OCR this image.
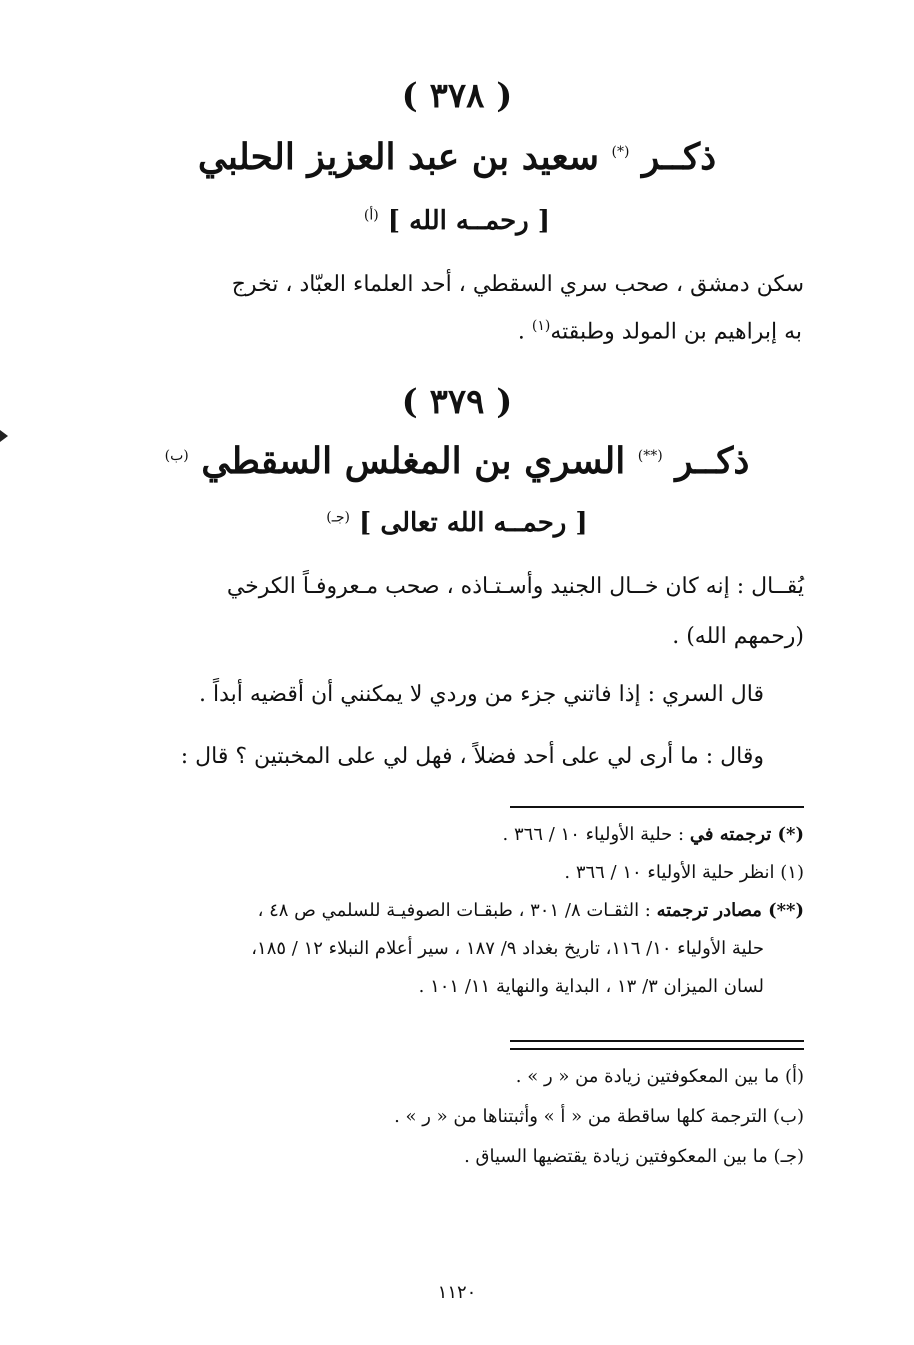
( ٣٧٨ )
ذكــر (*) سعيد بن عبد العزيز الحلبي
[ رحمــه الله ] $^{(أ)}$
سكن دمشق ، صحب سري السقطي ، أحد العلماء العبّاد ، تخرج
به إبراهيم بن المولد وطبقته$^{(١)}$ .
( ٣٧٩ )
ذكــر (**) السري بن المغلس السقطي $^{(ب)}$
[ رحمــه الله تعالى ] $^{(جـ)}$
يُقــال : إنه كان خــال الجنيد وأسـتـاذه ، صحب مـعروفـاً الكرخي
(رحمهم الله) .
قال السري : إذا فاتني جزء من وردي لا يمكنني أن أقضيه أبداً .
وقال : ما أرى لي على أحد فضلاً ، فهل لي على المخبتين ؟ قال :
(*) ترجمته في : حلية الأولياء ١٠ / ٣٦٦ .
(١) انظر حلية الأولياء ١٠ / ٣٦٦ .
(**) مصادر ترجمته : الثقـات ٨/ ٣٠١ ، طبقـات الصوفيـة للسلمي ص ٤٨ ،
حلية الأولياء ١٠/ ١١٦، تاريخ بغداد ٩/ ١٨٧ ، سير أعلام النبلاء ١٢ / ١٨٥،
لسان الميزان ٣/ ١٣ ، البداية والنهاية ١١/ ١٠١ .
(أ) ما بين المعكوفتين زيادة من « ر » .
(ب) الترجمة كلها ساقطة من « أ » وأثبتناها من « ر » .
(جـ) ما بين المعكوفتين زيادة يقتضيها السياق .
١١٢٠
